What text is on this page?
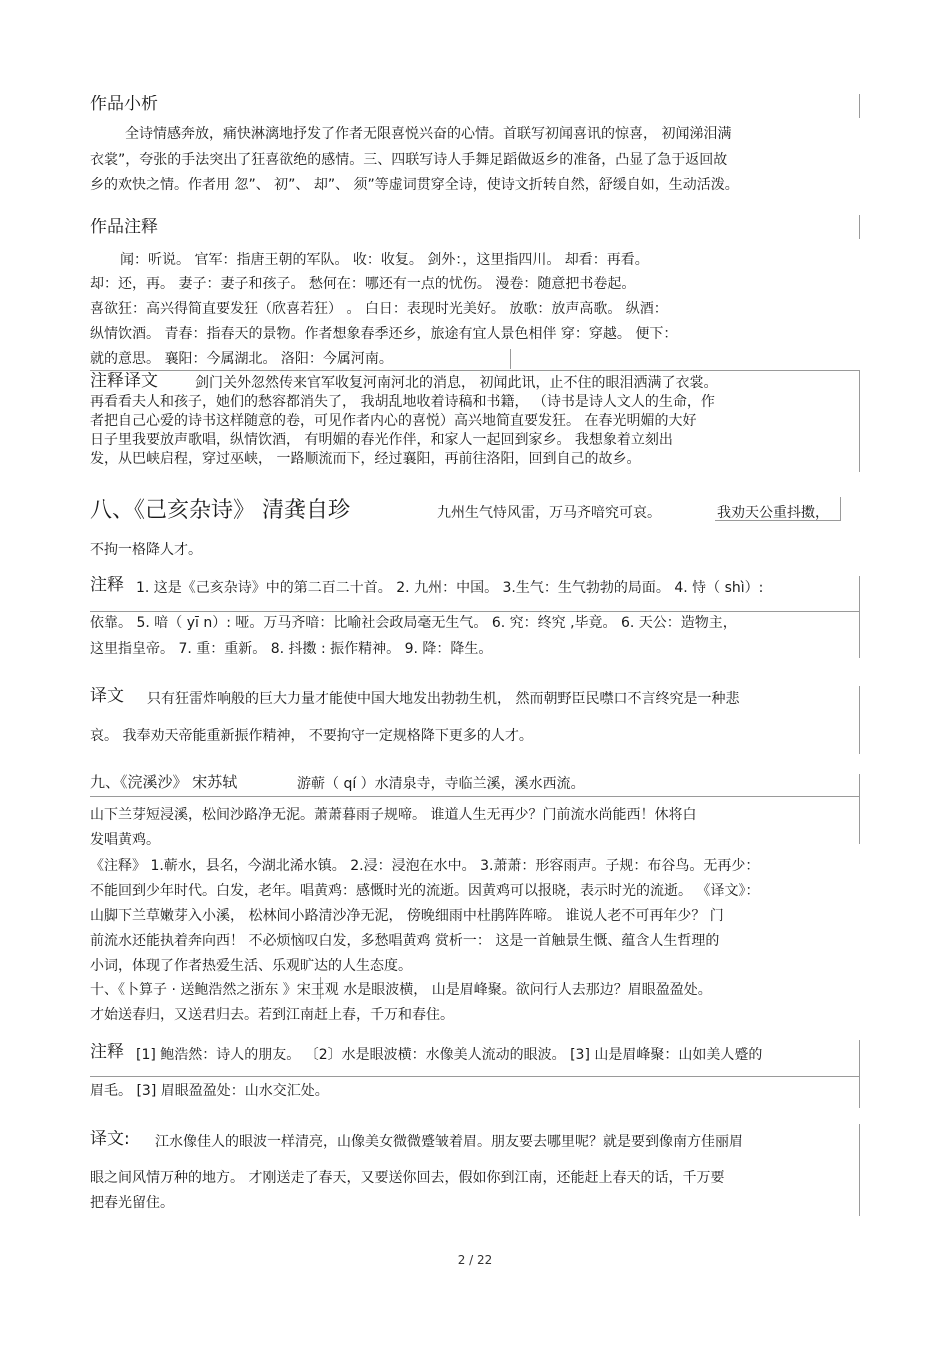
作品小析
全诗情感奔放，痛快淋漓地抒发了作者无限喜悦兴奋的心情。首联写初闻喜讯的惊喜， 初闻涕泪满
衣裳”，夸张的手法突出了狂喜欲绝的感情。三、四联写诗人手舞足蹈做返乡的准备，凸显了急于返回故
乡的欢快之情。作者用 忽”、 初”、 却”、 须”等虚词贯穿全诗，使诗文折转自然，舒缓自如，生动活泼。
作品注释
闻：听说。 官军：指唐王朝的军队。 收：收复。 剑外：，这里指四川。 却看：再看。
却：还，再。 妻子：妻子和孩子。 愁何在：哪还有一点的忧伤。 漫卷：随意把书卷起。
喜欲狂：高兴得简直要发狂（欣喜若狂） 。 白日：表现时光美好。 放歌：放声高歌。 纵酒：
纵情饮酒。 青春：指春天的景物。作者想象春季还乡，旅途有宜人景色相伴 穿：穿越。 便下：
就的意思。 襄阳：今属湖北。 洛阳：今属河南。
注释译文	剑门关外忽然传来官军收复河南河北的消息， 初闻此讯，止不住的眼泪洒满了衣裳。
再看看夫人和孩子，她们的愁容都消失了， 我胡乱地收着诗稿和书籍， （诗书是诗人文人的生命，作
者把自己心爱的诗书这样随意的卷，可见作者内心的喜悦）高兴地简直要发狂。 在春光明媚的大好
日子里我要放声歌唱，纵情饮酒， 有明媚的春光作伴，和家人一起回到家乡。 我想象着立刻出
发，从巴峡启程，穿过巫峡， 一路顺流而下，经过襄阳，再前往洛阳，回到自己的故乡。
八、《己亥杂诗》 清龚自珍	九州生气恃风雷，万马齐喑究可哀。	我劝天公重抖擞，
不拘一格降人才。
注释 1. 这是《己亥杂诗》中的第二百二十首。 2. 九州：中国。 3.生气：生气勃勃的局面。 4. 恃（ shì）:
依靠。 5. 喑（ yī n）: 哑。万马齐喑：比喻社会政局毫无生气。 6. 究：终究 ,毕竟。 6. 天公：造物主，
这里指皇帝。 7. 重：重新。 8. 抖擞 : 振作精神。 9. 降：降生。
译文	只有狂雷炸响般的巨大力量才能使中国大地发出勃勃生机， 然而朝野臣民噤口不言终究是一种悲
哀。 我奉劝天帝能重新振作精神， 不要拘守一定规格降下更多的人才。
九、《浣溪沙》 宋苏轼	游蕲（ qí ）水清泉寺，寺临兰溪，溪水西流。
山下兰芽短浸溪，松间沙路净无泥。萧萧暮雨子规啼。 谁道人生无再少？门前流水尚能西！休将白
发唱黄鸡。
《注释》 1.蕲水，县名，今湖北浠水镇。 2.浸：浸泡在水中。 3.萧萧：形容雨声。子规：布谷鸟。无再少：
不能回到少年时代。白发，老年。唱黄鸡：感慨时光的流逝。因黄鸡可以报晓，表示时光的流逝。 《译文》：
山脚下兰草嫩芽入小溪， 松林间小路清沙净无泥， 傍晚细雨中杜鹃阵阵啼。 谁说人老不可再年少？ 门
前流水还能执着奔向西！ 不必烦恼叹白发，多愁唱黄鸡 赏析一： 这是一首触景生慨、蕴含人生哲理的
小词，体现了作者热爱生活、乐观旷达的人生态度。
十、《卜算子 · 送鲍浩然之浙东 》宋王观 水是眼波横， 山是眉峰聚。欲问行人去那边？眉眼盈盈处。
才始送春归，又送君归去。若到江南赶上春，千万和春住。
注释 [1] 鲍浩然：诗人的朋友。 〔2〕水是眼波横：水像美人流动的眼波。 [3] 山是眉峰聚：山如美人蹙的
眉毛。 [3] 眉眼盈盈处：山水交汇处。
译文:	江水像佳人的眼波一样清亮，山像美女微微蹙皱着眉。朋友要去哪里呢？就是要到像南方佳丽眉
眼之间风情万种的地方。 才刚送走了春天，又要送你回去，假如你到江南，还能赶上春天的话，千万要
把春光留住。
2 / 22
